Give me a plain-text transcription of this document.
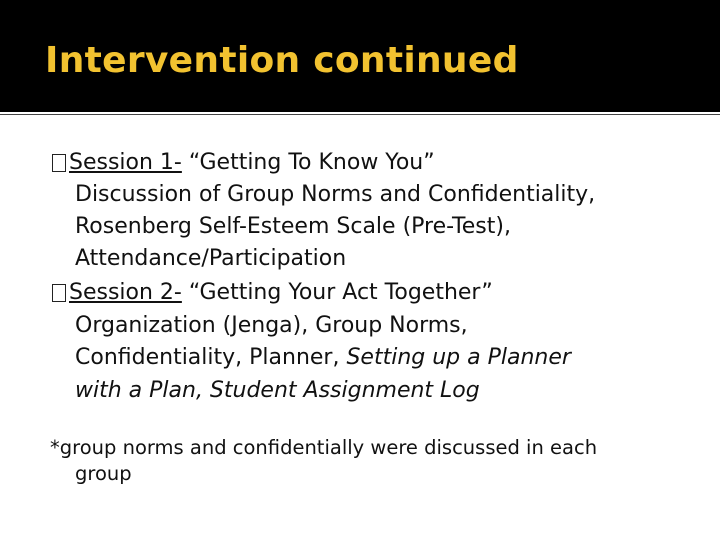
Intervention continued
Session 1- “Getting To Know You”
Discussion of Group Norms and Confidentiality,
Rosenberg Self-Esteem Scale (Pre-Test),
Attendance/Participation
Session 2- “Getting Your Act Together”
Organization (Jenga), Group Norms,
Confidentiality, Planner, Setting up a Planner
with a Plan, Student Assignment Log
*group norms and confidentially were discussed in each
group
